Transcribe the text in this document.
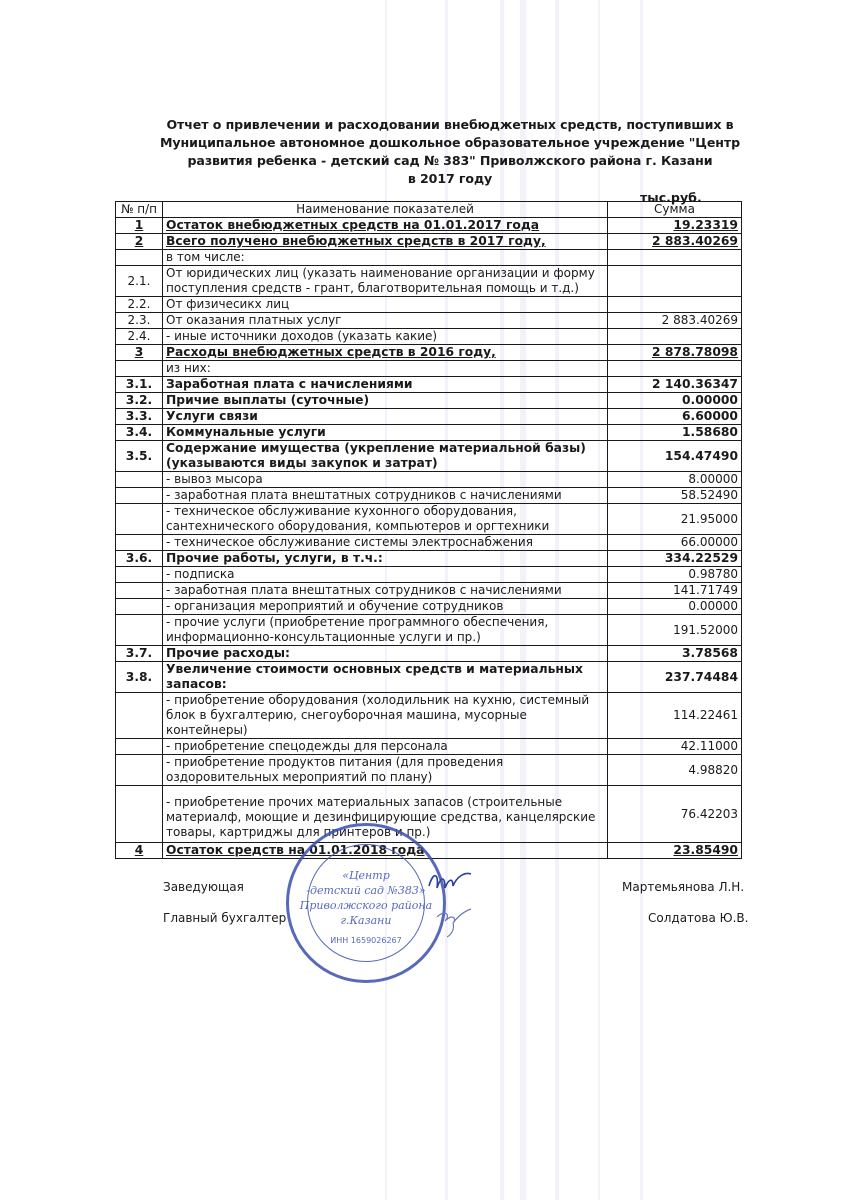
Отчет о привлечении и расходовании внебюджетных средств, поступивших в
Муниципальное автономное дошкольное образовательное учреждение "Центр
развития ребенка - детский сад № 383" Приволжского района г. Казани
в 2017 году
тыс.руб.
№ п/п	Наименование показателей	Сумма
1	Остаток внебюджетных средств на 01.01.2017 года	19.23319
2	Всего получено внебюджетных средств в 2017 году,	2 883.40269
	в том числе:	
2.1.	От юридических лиц (указать наименование организации и форму поступления средств - грант, благотворительная помощь и т.д.)	
2.2.	От физичесикх лиц	
2.3.	От оказания платных услуг	2 883.40269
2.4.	- иные источники доходов (указать какие)	
3	Расходы внебюджетных средств в 2016 году,	2 878.78098
	из них:	
3.1.	Заработная плата с начислениями	2 140.36347
3.2.	Причие выплаты (суточные)	0.00000
3.3.	Услуги связи	6.60000
3.4.	Коммунальные услуги	1.58680
3.5.	Содержание имущества (укрепление материальной базы) (указываются виды закупок и затрат)	154.47490
	- вывоз мысора	8.00000
	- заработная плата внештатных сотрудников с начислениями	58.52490
	- техническое обслуживание кухонного оборудования, сантехнического оборудования, компьютеров и оргтехники	21.95000
	- техническое обслуживание системы электроснабжения	66.00000
3.6.	Прочие работы, услуги, в т.ч.:	334.22529
	- подписка	0.98780
	- заработная плата внештатных сотрудников с начислениями	141.71749
	- организация мероприятий и обучение сотрудников	0.00000
	- прочие услуги (приобретение программного обеспечения, информационно-консультационные услуги и пр.)	191.52000
3.7.	Прочие расходы:	3.78568
3.8.	Увеличение стоимости основных средств и материальных запасов:	237.74484
	- приобретение оборудования (холодильник на кухню, системный блок в бухгалтерию, снегоуборочная машина, мусорные контейнеры)	114.22461
	- приобретение спецодежды для персонала	42.11000
	- приобретение продуктов питания (для проведения оздоровительных мероприятий по плану)	4.98820
	- приобретение прочих материальных запасов (строительные материалф, моющие и дезинфицирующие средства, канцелярские товары, картриджы для принтеров и пр.)	76.42203
4	Остаток средств на 01.01.2018 года	23.85490
Заведующая	Мартемьянова Л.Н.
Главный бухгалтер	Солдатова Ю.В.
«Центр
-детский сад №383»
Приволжского района
г.Казани
ИНН 1659026267
